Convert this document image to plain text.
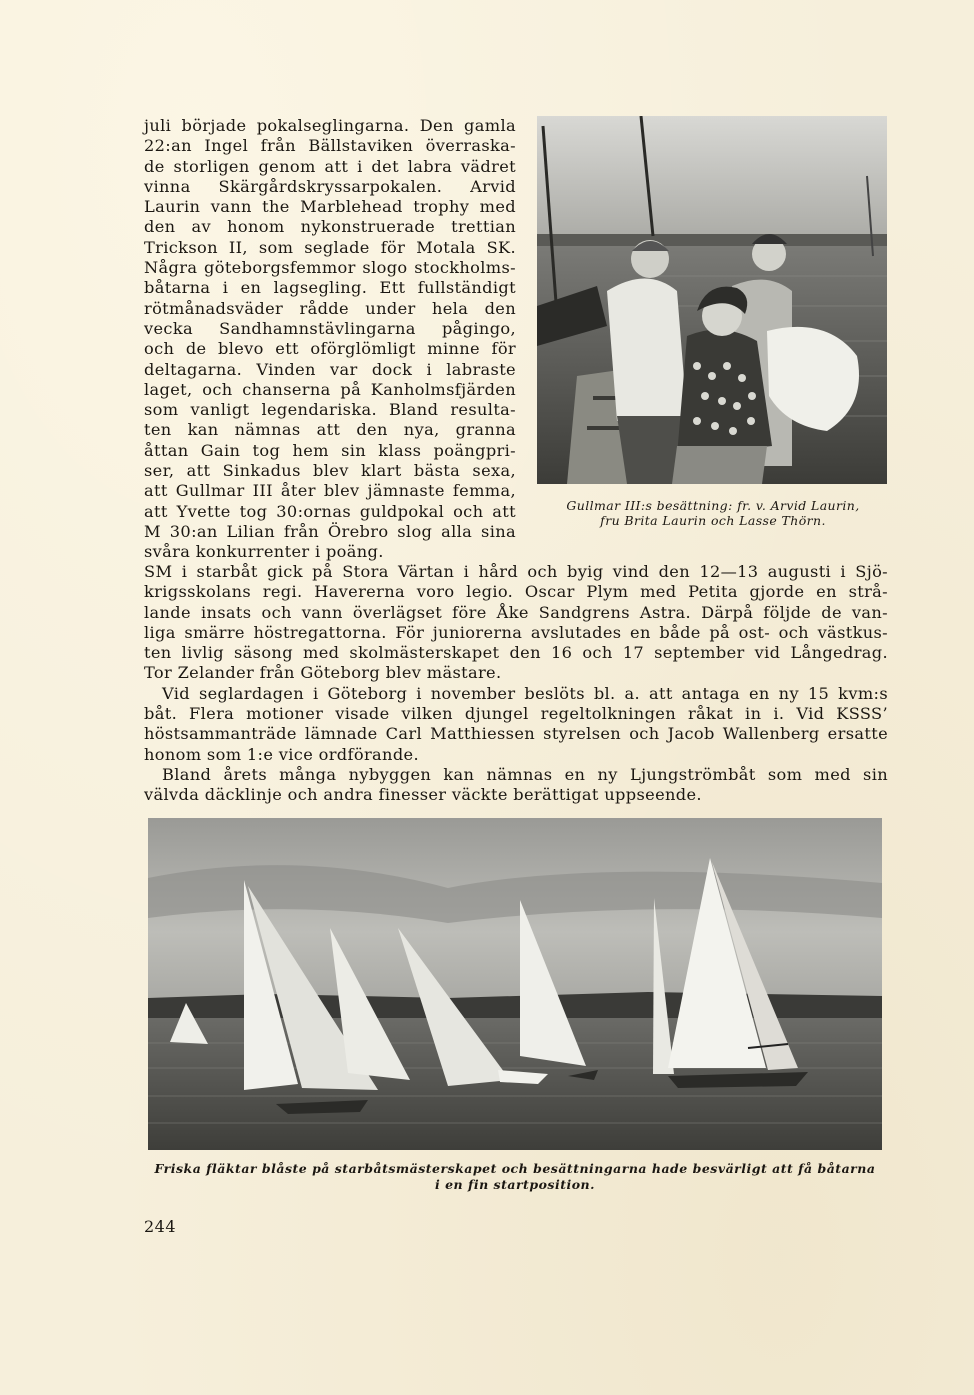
juli började pokalseglingarna. Den gamla
22:an Ingel från Bällstaviken överraska-
de storligen genom att i det labra vädret
vinna Skärgårdskryssarpokalen. Arvid
Laurin vann the Marblehead trophy med
den av honom nykonstruerade trettian
Trickson II, som seglade för Motala SK.
Några göteborgsfemmor slogo stockholms-
båtarna i en lagsegling. Ett fullständigt
rötmånadsväder rådde under hela den
vecka Sandhamnstävlingarna pågingo,
och de blevo ett oförglömligt minne för
deltagarna. Vinden var dock i labraste
laget, och chanserna på Kanholmsfjärden
som vanligt legendariska. Bland resulta-
ten kan nämnas att den nya, granna
åttan Gain tog hem sin klass poängpri-
ser, att Sinkadus blev klart bästa sexa,
att Gullmar III åter blev jämnaste femma,
att Yvette tog 30:ornas guldpokal och att
M 30:an Lilian från Örebro slog alla sina
svåra konkurrenter i poäng.

Gullmar III:s besättning: fr. v. Arvid Laurin,
fru Brita Laurin och Lasse Thörn.

SM i starbåt gick på Stora Värtan i hård och byig vind den 12—13 augusti i Sjö-
krigsskolans regi. Havererna voro legio. Oscar Plym med Petita gjorde en strå-
lande insats och vann överlägset före Åke Sandgrens Astra. Därpå följde de van-
liga smärre höstregattorna. För juniorerna avslutades en både på ost- och västkus-
ten livlig säsong med skolmästerskapet den 16 och 17 september vid Långedrag.
Tor Zelander från Göteborg blev mästare.

Vid seglardagen i Göteborg i november beslöts bl. a. att antaga en ny 15 kvm:s
båt. Flera motioner visade vilken djungel regeltolkningen råkat in i. Vid KSSS’
höstsammanträde lämnade Carl Matthiessen styrelsen och Jacob Wallenberg ersatte
honom som 1:e vice ordförande.

Bland årets många nybyggen kan nämnas en ny Ljungströmbåt som med sin
välvda däcklinje och andra finesser väckte berättigat uppseende.

Friska fläktar blåste på starbåtsmästerskapet och besättningarna hade besvärligt att få båtarna
i en fin startposition.
244
